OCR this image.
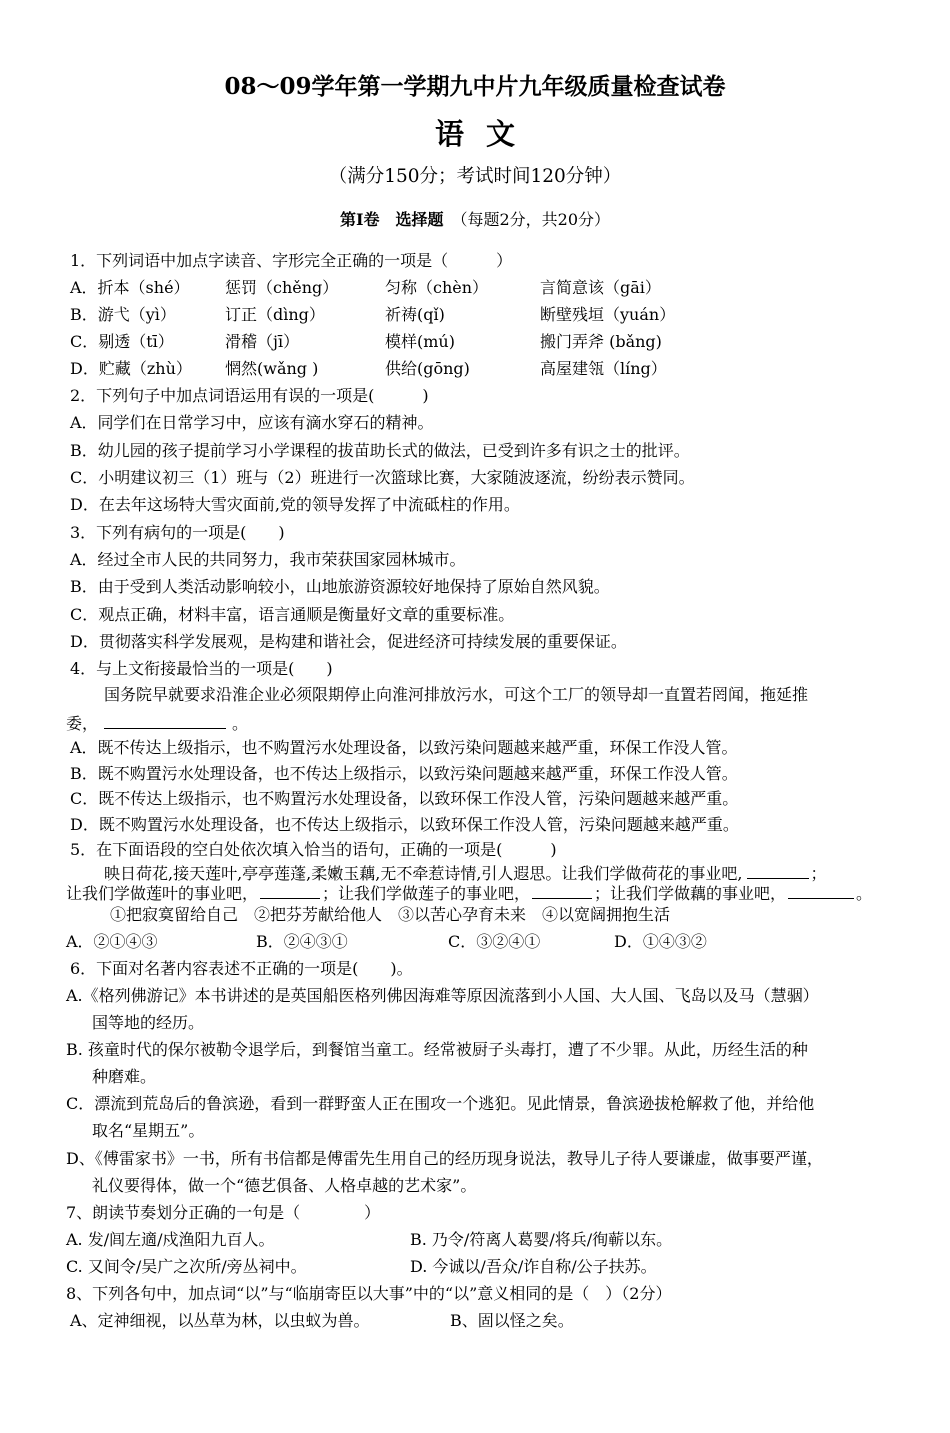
08～09学年第一学期九中片九年级质量检查试卷
语文
（满分150分；考试时间120分钟）
第Ⅰ卷　选择题 （每题2分，共20分）
1．下列词语中加点字读音、字形完全正确的一项是（　　　）
A．折本（shé） 惩罚（chěng）	匀称（chèn）	言简意该（gāi）
B．游弋（yì）	订正（dìng）	祈祷(qǐ)	断壁残垣（yuán）
C．剔透（tī）	滑稽（jī）	模样(mú)	搬门弄斧 (bǎng)
D．贮藏（zhù） 惘然(wǎng )	供给(gōng)	高屋建瓴（líng）
2．下列句子中加点词语运用有误的一项是(　　　)
A．同学们在日常学习中，应该有滴水穿石的精神。
B．幼儿园的孩子提前学习小学课程的拔苗助长式的做法，已受到许多有识之士的批评。
C．小明建议初三（1）班与（2）班进行一次篮球比赛，大家随波逐流，纷纷表示赞同。
D．在去年这场特大雪灾面前,党的领导发挥了中流砥柱的作用。
3．下列有病句的一项是(　　)
A．经过全市人民的共同努力，我市荣获国家园林城市。
B．由于受到人类活动影响较小，山地旅游资源较好地保持了原始自然风貌。
C．观点正确，材料丰富，语言通顺是衡量好文章的重要标准。
D．贯彻落实科学发展观，是构建和谐社会，促进经济可持续发展的重要保证。
4．与上文衔接最恰当的一项是(　　)
国务院早就要求沿淮企业必须限期停止向淮河排放污水，可这个工厂的领导却一直置若罔闻，拖延推
委，	。
A．既不传达上级指示，也不购置污水处理设备，以致污染问题越来越严重，环保工作没人管。
B．既不购置污水处理设备，也不传达上级指示，以致污染问题越来越严重，环保工作没人管。
C．既不传达上级指示，也不购置污水处理设备，以致环保工作没人管，污染问题越来越严重。
D．既不购置污水处理设备，也不传达上级指示，以致环保工作没人管，污染问题越来越严重。
5．在下面语段的空白处依次填入恰当的语句，正确的一项是(　　　)
映日荷花,接天莲叶,亭亭莲蓬,柔嫩玉藕,无不牵惹诗情,引人遐思。让我们学做荷花的事业吧,	；
让我们学做莲叶的事业吧，	；让我们学做莲子的事业吧，	；让我们学做藕的事业吧，	。
①把寂寞留给自己　②把芬芳献给他人　③以苦心孕育未来　④以宽阔拥抱生活
A．②①④③	B．②④③①	C．③②④①	D．①④③②
6．下面对名著内容表述不正确的一项是(　　)。
A.《格列佛游记》本书讲述的是英国船医格列佛因海难等原因流落到小人国、大人国、飞岛以及马（慧骃）
国等地的经历。
B. 孩童时代的保尔被勒令退学后，到餐馆当童工。经常被厨子头毒打，遭了不少罪。从此，历经生活的种
种磨难。
C．漂流到荒岛后的鲁滨逊，看到一群野蛮人正在围攻一个逃犯。见此情景，鲁滨逊拔枪解救了他，并给他
取名“星期五”。
D、《傅雷家书》一书，所有书信都是傅雷先生用自己的经历现身说法，教导儿子待人要谦虚，做事要严谨，
礼仪要得体，做一个“德艺俱备、人格卓越的艺术家”。
7、朗读节奏划分正确的一句是（　　　　）
A. 发/闾左適/戍渔阳九百人。	B. 乃令/符离人葛婴/将兵/徇蕲以东。
C. 又间令/吴广之次所/旁丛祠中。	D. 今诚以/吾众/诈自称/公子扶苏。
8、下列各句中，加点词“以”与“临崩寄臣以大事”中的“以”意义相同的是（　）（2分）
A、定神细视，以丛草为林，以虫蚁为兽。	B、固以怪之矣。
